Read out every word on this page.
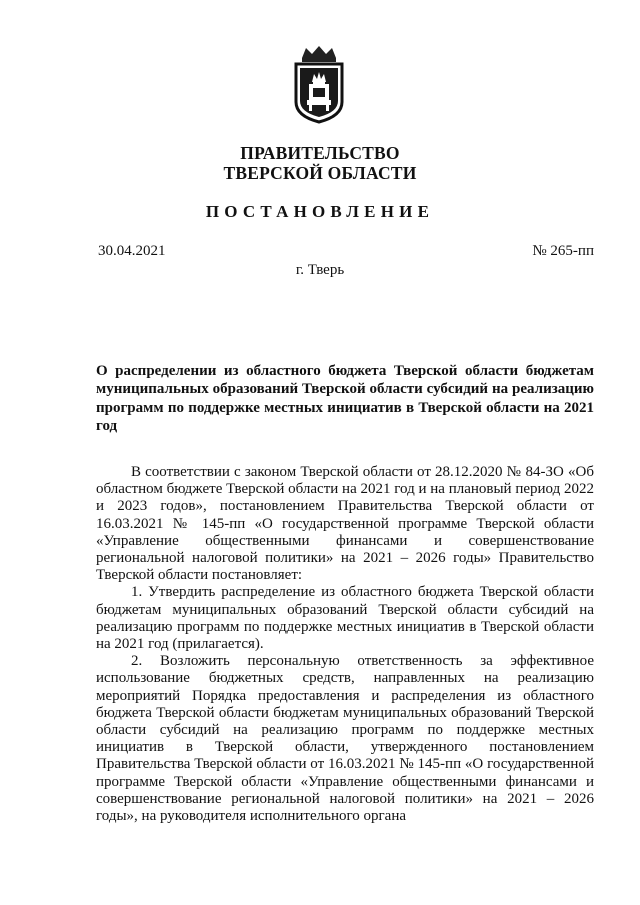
ПРАВИТЕЛЬСТВО
ТВЕРСКОЙ ОБЛАСТИ
ПОСТАНОВЛЕНИЕ
30.04.2021	№ 265-пп
г. Тверь
О распределении из областного бюджета Тверской области бюджетам муниципальных образований Тверской области субсидий на реализацию программ по поддержке местных инициатив в Тверской области на 2021 год

В соответствии с законом Тверской области от 28.12.2020 № 84-ЗО «Об областном бюджете Тверской области на 2021 год и на плановый период 2022 и 2023 годов», постановлением Правительства Тверской области от 16.03.2021 № 145-пп «О государственной программе Тверской области «Управление общественными финансами и совершенствование региональной налоговой политики» на 2021 – 2026 годы» Правительство Тверской области постановляет:

1. Утвердить распределение из областного бюджета Тверской области бюджетам муниципальных образований Тверской области субсидий на реализацию программ по поддержке местных инициатив в Тверской области на 2021 год (прилагается).

2. Возложить персональную ответственность за эффективное использование бюджетных средств, направленных на реализацию мероприятий Порядка предоставления и распределения из областного бюджета Тверской области бюджетам муниципальных образований Тверской области субсидий на реализацию программ по поддержке местных инициатив в Тверской области, утвержденного постановлением Правительства Тверской области от 16.03.2021 № 145-пп «О государственной программе Тверской области «Управление общественными финансами и совершенствование региональной налоговой политики» на 2021 – 2026 годы», на руководителя исполнительного органа
